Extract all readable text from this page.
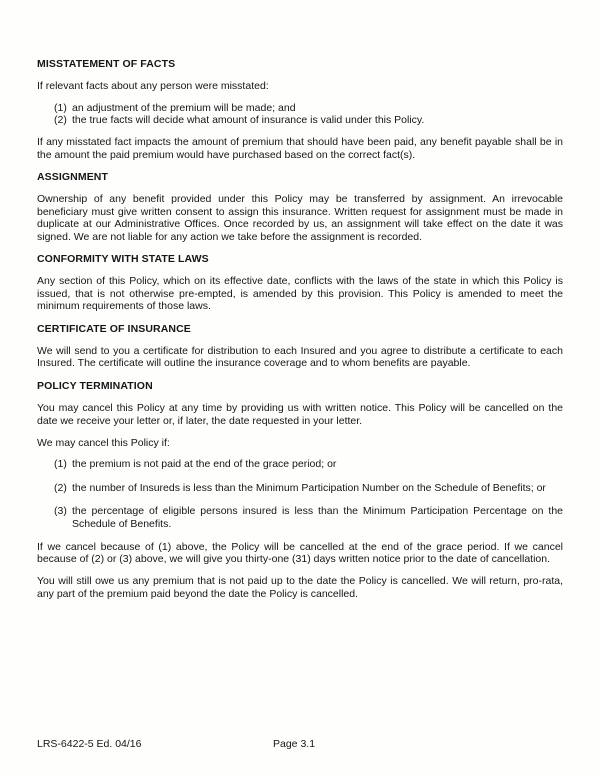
MISSTATEMENT OF FACTS

If relevant facts about any person were misstated:

(1) an adjustment of the premium will be made; and
(2) the true facts will decide what amount of insurance is valid under this Policy.

If any misstated fact impacts the amount of premium that should have been paid, any benefit payable shall be in the amount the paid premium would have purchased based on the correct fact(s).

ASSIGNMENT

Ownership of any benefit provided under this Policy may be transferred by assignment. An irrevocable beneficiary must give written consent to assign this insurance. Written request for assignment must be made in duplicate at our Administrative Offices. Once recorded by us, an assignment will take effect on the date it was signed. We are not liable for any action we take before the assignment is recorded.

CONFORMITY WITH STATE LAWS

Any section of this Policy, which on its effective date, conflicts with the laws of the state in which this Policy is issued, that is not otherwise pre-empted, is amended by this provision. This Policy is amended to meet the minimum requirements of those laws.

CERTIFICATE OF INSURANCE

We will send to you a certificate for distribution to each Insured and you agree to distribute a certificate to each Insured. The certificate will outline the insurance coverage and to whom benefits are payable.

POLICY TERMINATION

You may cancel this Policy at any time by providing us with written notice. This Policy will be cancelled on the date we receive your letter or, if later, the date requested in your letter.

We may cancel this Policy if:

(1) the premium is not paid at the end of the grace period; or
(2) the number of Insureds is less than the Minimum Participation Number on the Schedule of Benefits; or
(3) the percentage of eligible persons insured is less than the Minimum Participation Percentage on the Schedule of Benefits.

If we cancel because of (1) above, the Policy will be cancelled at the end of the grace period. If we cancel because of (2) or (3) above, we will give you thirty-one (31) days written notice prior to the date of cancellation.

You will still owe us any premium that is not paid up to the date the Policy is cancelled. We will return, pro-rata, any part of the premium paid beyond the date the Policy is cancelled.

LRS-6422-5 Ed. 04/16	Page 3.1
